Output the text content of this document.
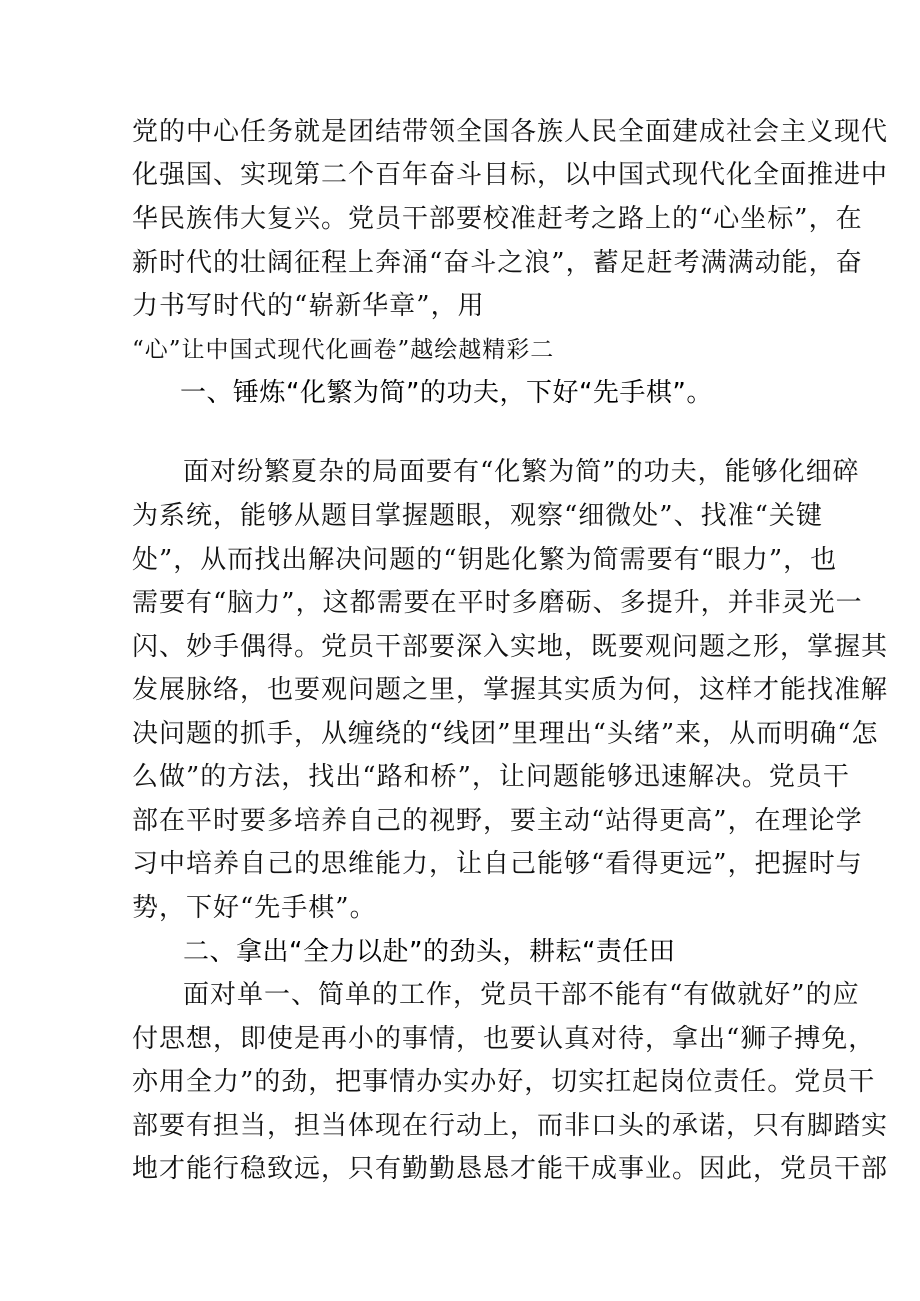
党的中心任务就是团结带领全国各族人民全面建成社会主义现代
化强国、实现第二个百年奋斗目标，以中国式现代化全面推进中
华民族伟大复兴。党员干部要校准赶考之路上的“心坐标”，在
新时代的壮阔征程上奔涌“奋斗之浪”，蓄足赶考满满动能，奋
力书写时代的“崭新华章”，用
“心”让中国式现代化画卷”越绘越精彩二
一、锤炼“化繁为简”的功夫，下好“先手棋”。
面对纷繁夏杂的局面要有“化繁为简”的功夫，能够化细碎
为系统，能够从题目掌握题眼，观察“细微处”、找准“关键
处”，从而找出解决问题的“钥匙化繁为简需要有“眼力”，也
需要有“脑力”，这都需要在平时多磨砺、多提升，并非灵光一
闪、妙手偶得。党员干部要深入实地，既要观问题之形，掌握其
发展脉络，也要观问题之里，掌握其实质为何，这样才能找准解
决问题的抓手，从缠绕的“线团”里理出“头绪”来，从而明确“怎
么做”的方法，找出“路和桥”，让问题能够迅速解决。党员干
部在平时要多培养自己的视野，要主动“站得更高”，在理论学
习中培养自己的思维能力，让自己能够“看得更远”，把握时与
势，下好“先手棋”。
二、拿出“全力以赴”的劲头，耕耘“责任田
面对单一、简单的工作，党员干部不能有“有做就好”的应
付思想，即使是再小的事情，也要认真对待，拿出“狮子搏免，
亦用全力”的劲，把事情办实办好，切实扛起岗位责任。党员干
部要有担当，担当体现在行动上，而非口头的承诺，只有脚踏实
地才能行稳致远，只有勤勤恳恳才能干成事业。因此，党员干部
